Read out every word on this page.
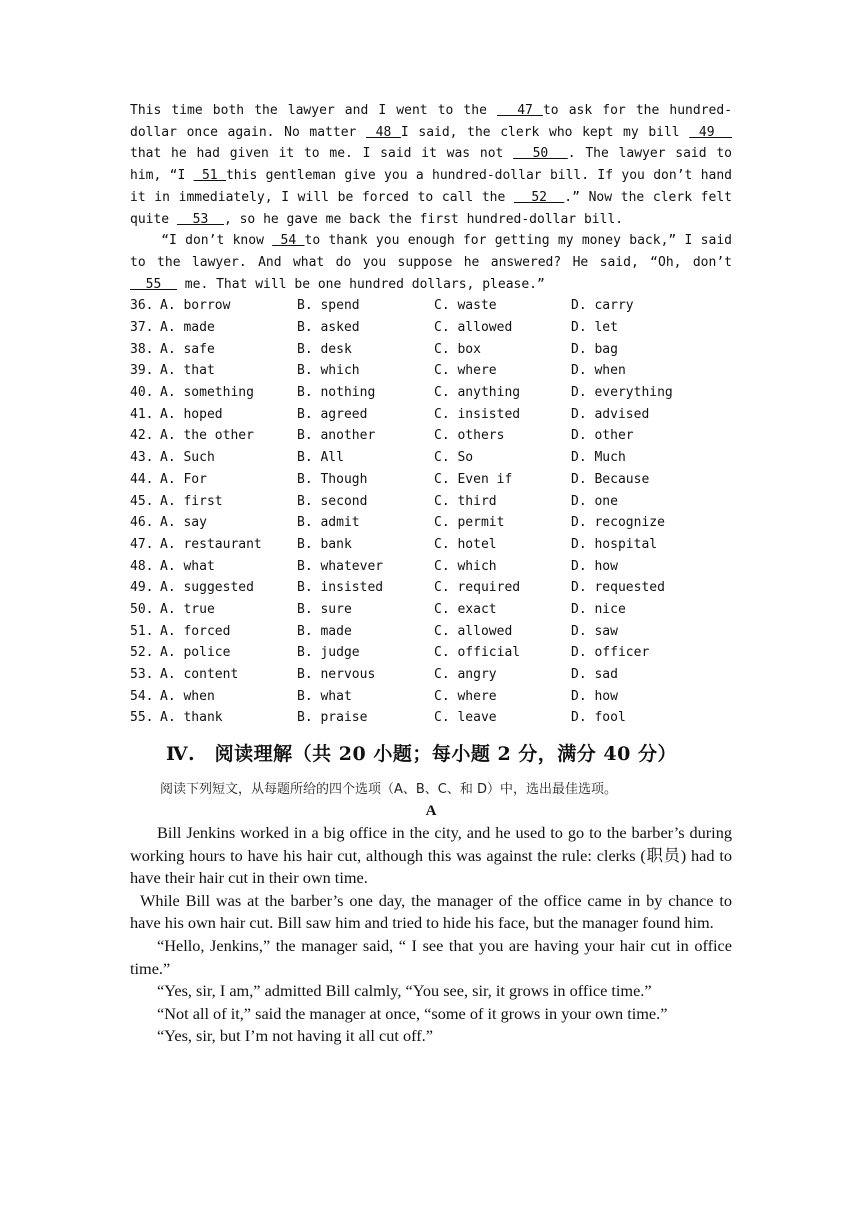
This time both the lawyer and I went to the   47 to ask for the hundred-dollar once again. No matter  48 I said, the clerk who kept my bill  49   that he had given it to me. I said it was not   50  . The lawyer said to him, “I  51 this gentleman give you a hundred-dollar bill. If you don’t hand it in immediately, I will be forced to call the   52  .” Now the clerk felt quite   53  , so he gave me back the first hundred-dollar bill.

“I don’t know  54 to thank you enough for getting my money back,” I said to the lawyer. And what do you suppose he answered? He said, “Oh, don’t   55   me. That will be one hundred dollars, please.”

36. A. borrow	B. spend	C. waste	D. carry
37. A. made	B. asked	C. allowed	D. let
38. A. safe	B. desk	C. box	D. bag
39. A. that	B. which	C. where	D. when
40. A. something	B. nothing	C. anything	D. everything
41. A. hoped	B. agreed	C. insisted	D. advised
42. A. the other	B. another	C. others	D. other
43. A. Such	B. All	C. So	D. Much
44. A. For	B. Though	C. Even if	D. Because
45. A. first	B. second	C. third	D. one
46. A. say	B. admit	C. permit	D. recognize
47. A. restaurant	B. bank	C. hotel	D. hospital
48. A. what	B. whatever	C. which	D. how
49. A. suggested	B. insisted	C. required	D. requested
50. A. true	B. sure	C. exact	D. nice
51. A. forced	B. made	C. allowed	D. saw
52. A. police	B. judge	C. official	D. officer
53. A. content	B. nervous	C. angry	D. sad
54. A. when	B. what	C. where	D. how
55. A. thank	B. praise	C. leave	D. fool
Ⅳ.　阅读理解（共 20 小题；每小题 2 分，满分 40 分）
阅读下列短文，从每题所给的四个选项（A、B、C、和 D）中，选出最佳选项。
A

Bill Jenkins worked in a big office in the city, and he used to go to the barber’s during working hours to have his hair cut, although this was against the rule: clerks (职员) had to have their hair cut in their own time.

While Bill was at the barber’s one day, the manager of the office came in by chance to have his own hair cut. Bill saw him and tried to hide his face, but the manager found him.

“Hello, Jenkins,” the manager said, “ I see that you are having your hair cut in office time.”

“Yes, sir, I am,” admitted Bill calmly, “You see, sir, it grows in office time.”

“Not all of it,” said the manager at once, “some of it grows in your own time.”

“Yes, sir, but I’m not having it all cut off.”
